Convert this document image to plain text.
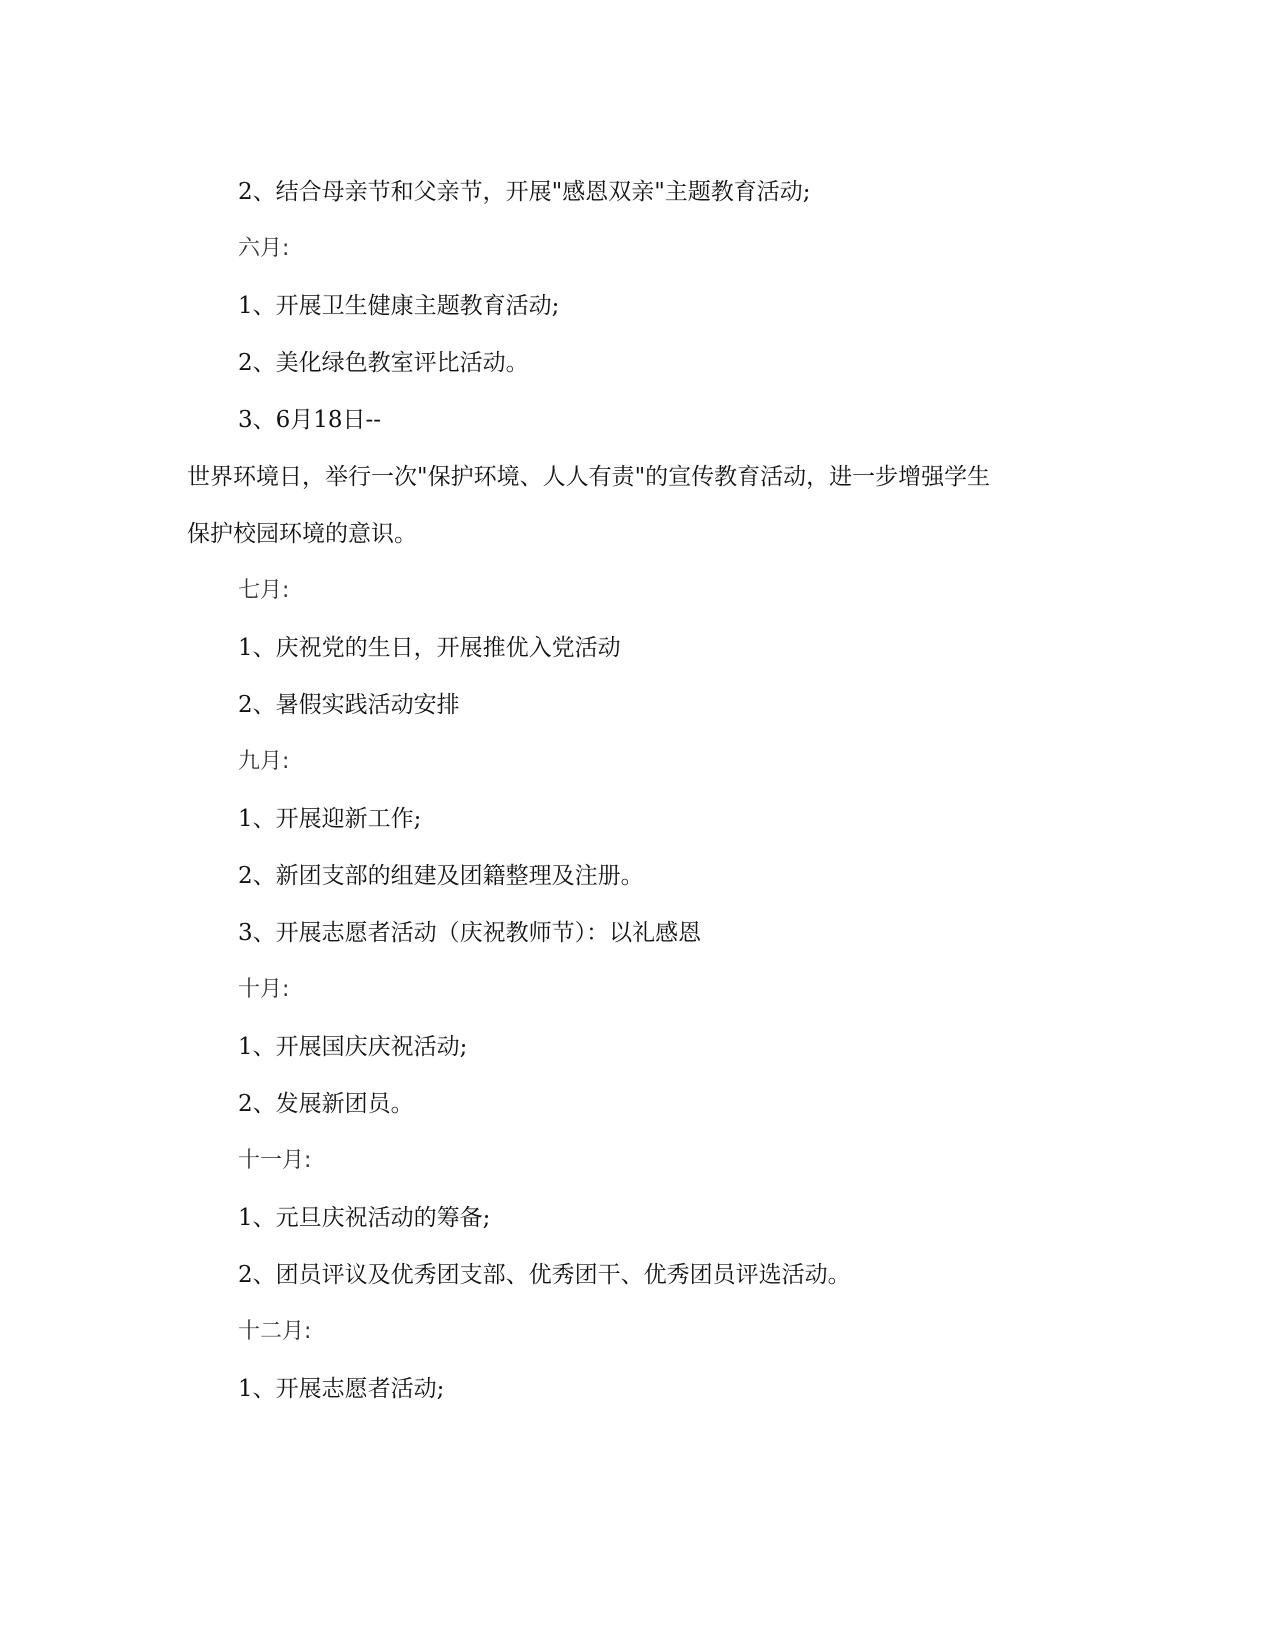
2、结合母亲节和父亲节，开展"感恩双亲"主题教育活动;
六月:
1、开展卫生健康主题教育活动;
2、美化绿色教室评比活动。
3、6月18日--
世界环境日，举行一次"保护环境、人人有责"的宣传教育活动，进一步增强学生
保护校园环境的意识。
七月:
1、庆祝党的生日，开展推优入党活动
2、暑假实践活动安排
九月:
1、开展迎新工作;
2、新团支部的组建及团籍整理及注册。
3、开展志愿者活动（庆祝教师节）：以礼感恩
十月:
1、开展国庆庆祝活动;
2、发展新团员。
十一月:
1、元旦庆祝活动的筹备;
2、团员评议及优秀团支部、优秀团干、优秀团员评选活动。
十二月:
1、开展志愿者活动;
